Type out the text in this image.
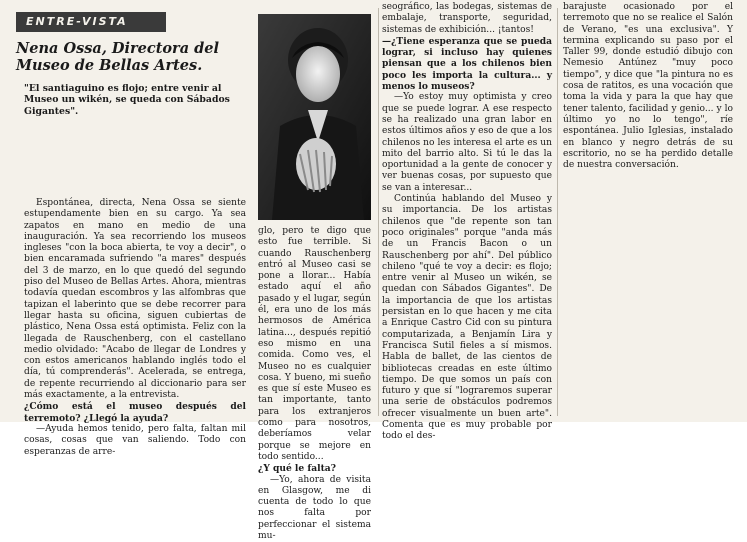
ENTRE-VISTA
Nena Ossa, Directora del Museo de Bellas Artes.
"El santiaguino es flojo; entre venir al Museo un wikén, se queda con Sábados Gigantes".

Espontánea, directa, Nena Ossa se siente estupendamente bien en su cargo. Ya sea zapatos en mano en medio de una inauguración. Ya sea recorriendo los museos ingleses "con la boca abierta, te voy a decir", o bien encaramada sufriendo "a mares" después del 3 de marzo, en lo que quedó del segundo piso del Museo de Bellas Artes. Ahora, mientras todavía quedan escombros y las alfombras que tapizan el laberinto que se debe recorrer para llegar hasta su oficina, siguen cubiertas de plástico, Nena Ossa está optimista. Feliz con la llegada de Rauschenberg, con el castellano medio olvidado: "Acabo de llegar de Londres y con estos americanos hablando inglés todo el día, tú comprenderás". Acelerada, se entrega, de repente recurriendo al diccionario para ser más exactamente, a la entrevista.

¿Cómo está el museo después del terremoto? ¿Llegó la ayuda?

—Ayuda hemos tenido, pero falta, faltan mil cosas, cosas que van saliendo. Todo con esperanzas de arre-

glo, pero te digo que esto fue terrible. Si cuando Rauschenberg entró al Museo casi se pone a llorar... Había estado aquí el año pasado y el lugar, según él, era uno de los más hermosos de América latina..., después repitió eso mismo en una comida. Como ves, el Museo no es cualquier cosa. Y bueno, mi sueño es que sí este Museo es tan importante, tanto para los extranjeros como para nosotros, deberíamos velar porque se mejore en todo sentido...

¿Y qué le falta?

—Yo, ahora de visita en Glasgow, me di cuenta de todo lo que nos falta por perfeccionar el sistema mu-

seográfico, las bodegas, sistemas de embalaje, transporte, seguridad, sistemas de exhibición... ¡tantos!

—¿Tiene esperanza que se pueda lograr, si incluso hay quienes piensan que a los chilenos bien poco les importa la cultura... y menos lo museos?

—Yo estoy muy optimista y creo que se puede lograr. A ese respecto se ha realizado una gran labor en estos últimos años y eso de que a los chilenos no les interesa el arte es un mito del barrio alto. Si tú le das la oportunidad a la gente de conocer y ver buenas cosas, por supuesto que se van a interesar...

Continúa hablando del Museo y su importancia. De los artistas chilenos que "de repente son tan poco originales" porque "anda más de un Francis Bacon o un Rauschenberg por ahí". Del público chileno "qué te voy a decir: es flojo; entre venir al Museo un wikén, se quedan con Sábados Gigantes". De la importancia de que los artistas persistan en lo que hacen y me cita a Enrique Castro Cid con su pintura computarizada, a Benjamín Lira y Francisca Sutil fieles a sí mismos. Habla de ballet, de las cientos de bibliotecas creadas en este último tiempo. De que somos un país con futuro y que sí "lograremos superar una serie de obstáculos podremos ofrecer visualmente un buen arte". Comenta que es muy probable por todo el des-

barajuste ocasionado por el terremoto que no se realice el Salón de Verano, "es una exclusiva". Y termina explicando su paso por el Taller 99, donde estudió dibujo con Nemesio Antúnez "muy poco tiempo", y dice que "la pintura no es cosa de ratitos, es una vocación que toma la vida y para la que hay que tener talento, facilidad y genio... y lo último yo no lo tengo", ríe espontánea. Julio Iglesias, instalado en blanco y negro detrás de su escritorio, no se ha perdido detalle de nuestra conversación.
